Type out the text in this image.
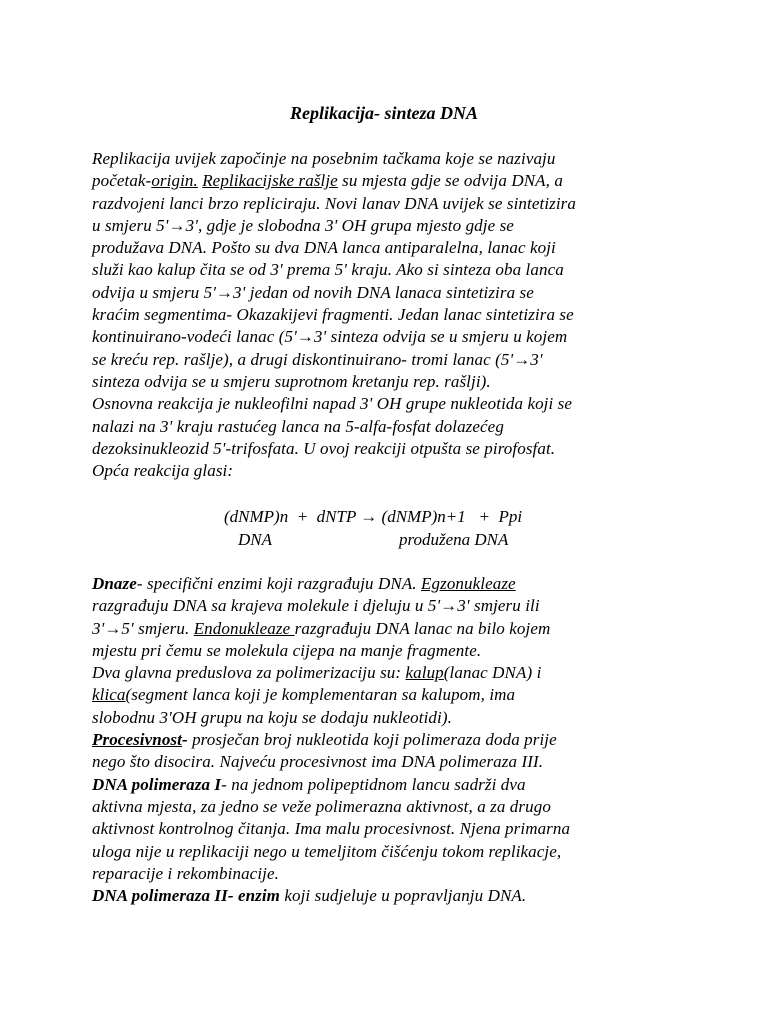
Replikacija- sinteza DNA
Replikacija uvijek započinje na posebnim tačkama koje se nazivaju
početak-origin. Replikacijske rašlje su mjesta gdje se odvija DNA, a
razdvojeni lanci brzo repliciraju. Novi lanav DNA uvijek se sintetizira
u smjeru 5'→3', gdje je slobodna 3' OH grupa mjesto gdje se
produžava DNA. Pošto su dva DNA lanca antiparalelna, lanac koji
služi kao kalup čita se od 3' prema 5' kraju. Ako si sinteza oba lanca
odvija u smjeru 5'→3' jedan od novih DNA lanaca sintetizira se
kraćim segmentima- Okazakijevi fragmenti. Jedan lanac sintetizira se
kontinuirano-vodeći lanac (5'→3' sinteza odvija se u smjeru u kojem
se kreću rep. rašlje), a drugi diskontinuirano- tromi lanac (5'→3'
sinteza odvija se u smjeru suprotnom kretanju rep. rašlji).
Osnovna reakcija je nukleofilni napad 3' OH grupe nukleotida koji se
nalazi na 3' kraju rastućeg lanca na 5-alfa-fosfat dolazećeg
dezoksinukleozid 5'-trifosfata. U ovoj reakciji otpušta se pirofosfat.
Opća reakcija glasi:

(dNMP)n  +  dNTP → (dNMP)n+1   +  Ppi

DNA

	produžena DNA

Dnaze- specifični enzimi koji razgrađuju DNA. Egzonukleaze
razgrađuju DNA sa krajeva molekule i djeluju u 5'→3' smjeru ili
3'→5' smjeru. Endonukleaze razgrađuju DNA lanac na bilo kojem
mjestu pri čemu se molekula cijepa na manje fragmente.
Dva glavna preduslova za polimerizaciju su: kalup(lanac DNA) i
klica(segment lanca koji je komplementaran sa kalupom, ima
slobodnu 3'OH grupu na koju se dodaju nukleotidi).
Procesivnost- prosječan broj nukleotida koji polimeraza doda prije
nego što disocira. Najveću procesivnost ima DNA polimeraza III.
DNA polimeraza I- na jednom polipeptidnom lancu sadrži dva
aktivna mjesta, za jedno se veže polimerazna aktivnost, a za drugo
aktivnost kontrolnog čitanja. Ima malu procesivnost. Njena primarna
uloga nije u replikaciji nego u temeljitom čišćenju tokom replikacje,
reparacije i rekombinacije.
DNA polimeraza II- enzim koji sudjeluje u popravljanju DNA.
